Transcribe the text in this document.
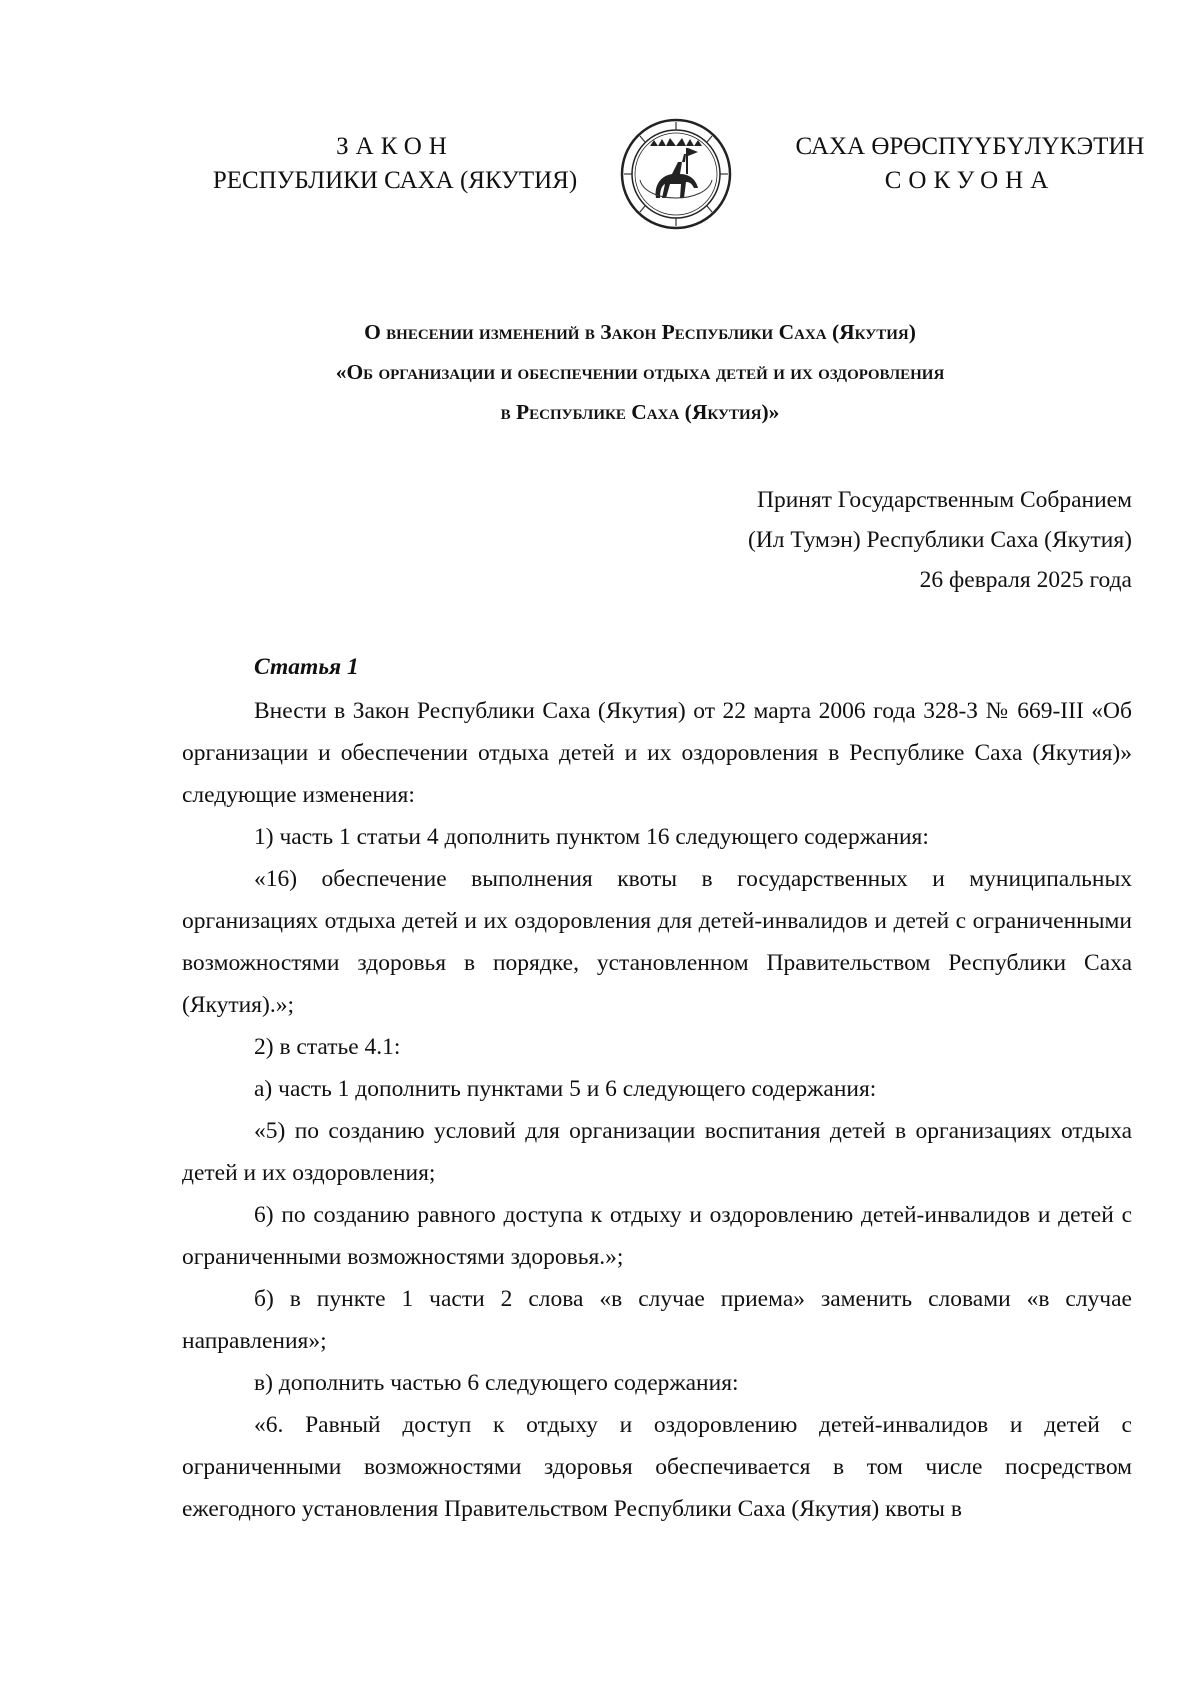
ЗАКОН
РЕСПУБЛИКИ САХА (ЯКУТИЯ)
САХА ӨРӨСПҮҮБҮЛҮКЭТИН
СОКУОНА
О внесении изменений в Закон Республики Саха (Якутия)
«Об организации и обеспечении отдыха детей и их оздоровления
в Республике Саха (Якутия)»
Принят Государственным Собранием
(Ил Тумэн) Республики Саха (Якутия)
26 февраля 2025 года
Статья 1

Внести в Закон Республики Саха (Якутия) от 22 марта 2006 года 328-З № 669-III «Об организации и обеспечении отдыха детей и их оздоровления в Республике Саха (Якутия)» следующие изменения:

1) часть 1 статьи 4 дополнить пунктом 16 следующего содержания:

«16) обеспечение выполнения квоты в государственных и муниципальных организациях отдыха детей и их оздоровления для детей-инвалидов и детей с ограниченными возможностями здоровья в порядке, установленном Правительством Республики Саха (Якутия).»;

2) в статье 4.1:

а) часть 1 дополнить пунктами 5 и 6 следующего содержания:

«5) по созданию условий для организации воспитания детей в организациях отдыха детей и их оздоровления;

6) по созданию равного доступа к отдыху и оздоровлению детей-инвалидов и детей с ограниченными возможностями здоровья.»;

б) в пункте 1 части 2 слова «в случае приема» заменить словами «в случае направления»;

в) дополнить частью 6 следующего содержания:

«6. Равный доступ к отдыху и оздоровлению детей-инвалидов и детей с ограниченными возможностями здоровья обеспечивается в том числе посредством ежегодного установления Правительством Республики Саха (Якутия) квоты в
